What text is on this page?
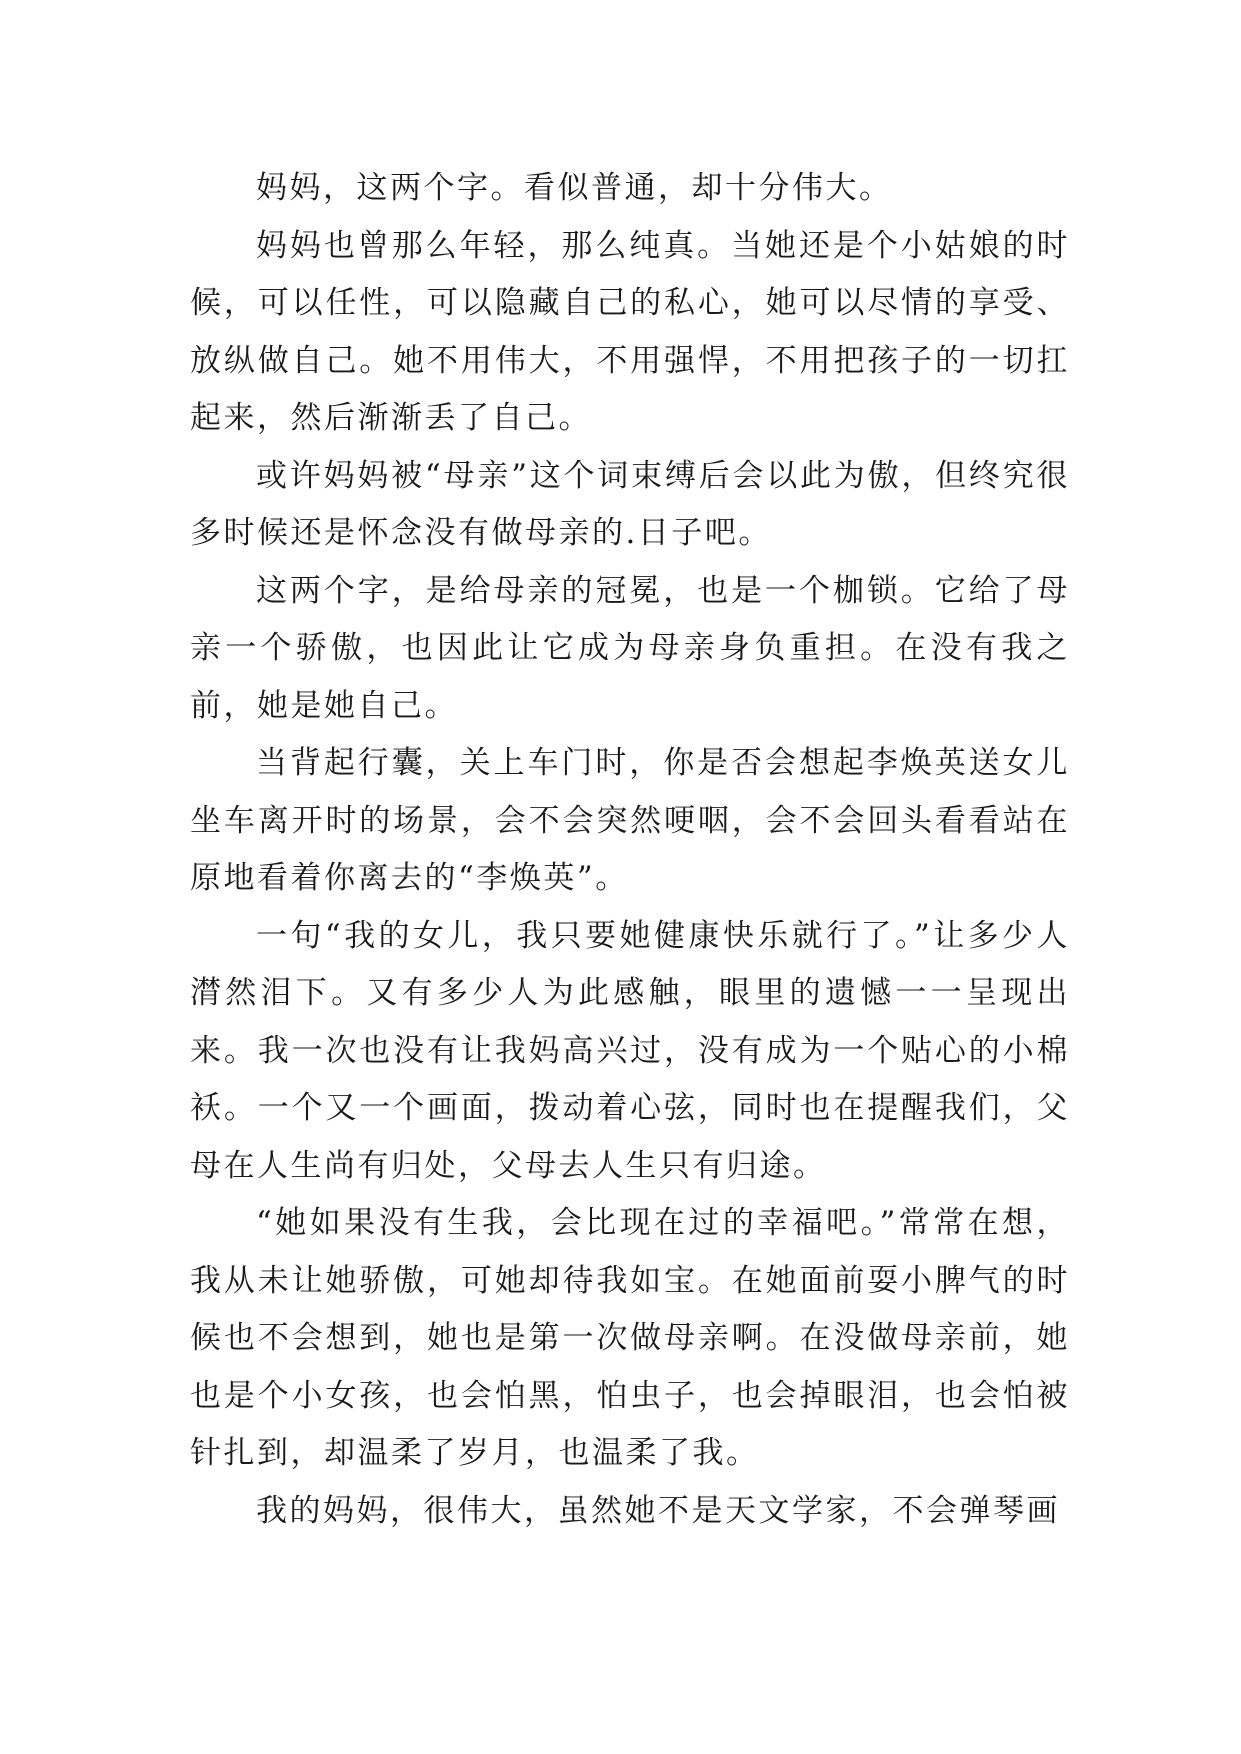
妈妈，这两个字。看似普通，却十分伟大。

妈妈也曾那么年轻，那么纯真。当她还是个小姑娘的时候，可以任性，可以隐藏自己的私心，她可以尽情的享受、放纵做自己。她不用伟大，不用强悍，不用把孩子的一切扛起来，然后渐渐丢了自己。

或许妈妈被“母亲”这个词束缚后会以此为傲，但终究很多时候还是怀念没有做母亲的.日子吧。

这两个字，是给母亲的冠冕，也是一个枷锁。它给了母亲一个骄傲，也因此让它成为母亲身负重担。在没有我之前，她是她自己。

当背起行囊，关上车门时，你是否会想起李焕英送女儿坐车离开时的场景，会不会突然哽咽，会不会回头看看站在原地看着你离去的“李焕英”。

一句“我的女儿，我只要她健康快乐就行了。”让多少人潸然泪下。又有多少人为此感触，眼里的遗憾一一呈现出来。我一次也没有让我妈高兴过，没有成为一个贴心的小棉袄。一个又一个画面，拨动着心弦，同时也在提醒我们，父母在人生尚有归处，父母去人生只有归途。

“她如果没有生我，会比现在过的幸福吧。”常常在想，我从未让她骄傲，可她却待我如宝。在她面前耍小脾气的时候也不会想到，她也是第一次做母亲啊。在没做母亲前，她也是个小女孩，也会怕黑，怕虫子，也会掉眼泪，也会怕被针扎到，却温柔了岁月，也温柔了我。

我的妈妈，很伟大，虽然她不是天文学家，不会弹琴画
